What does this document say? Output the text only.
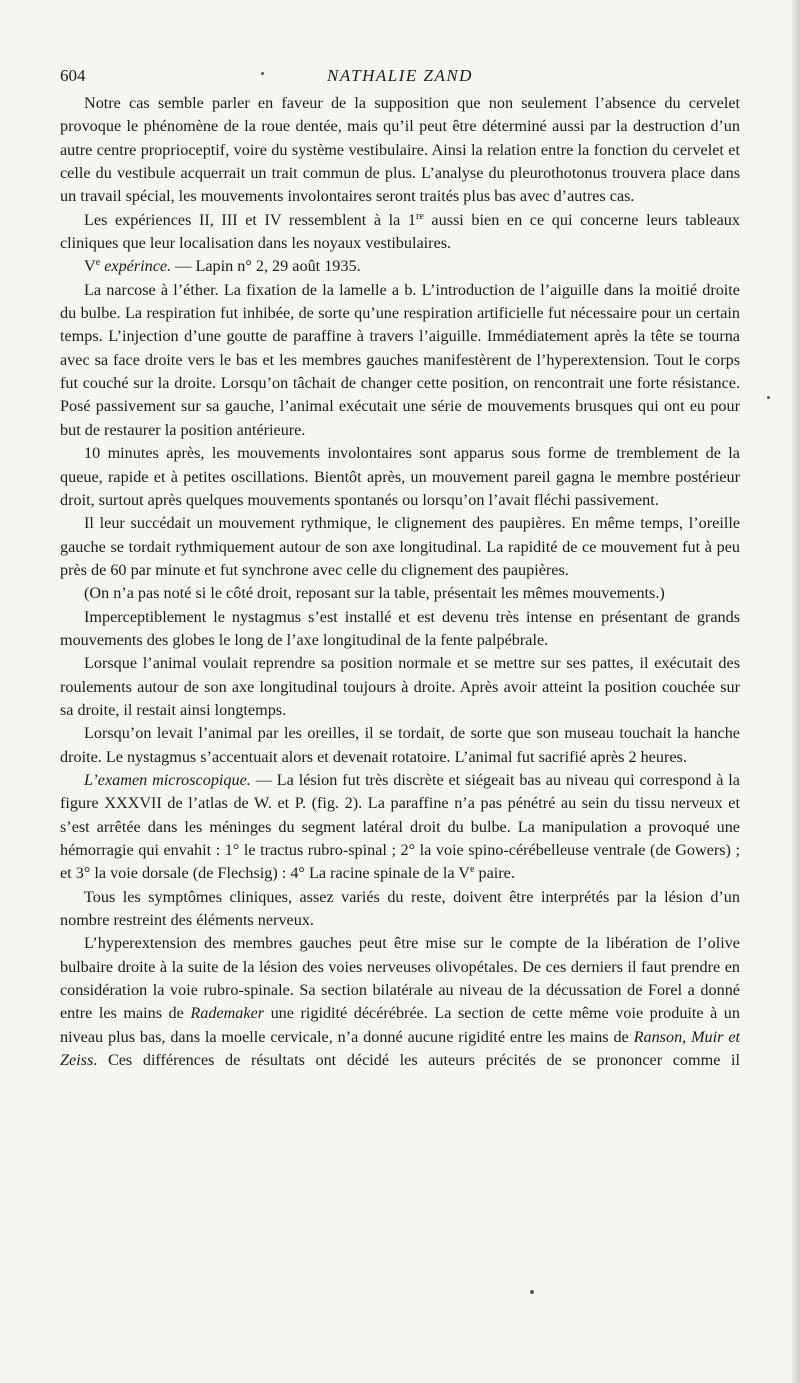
604	NATHALIE ZAND

Notre cas semble parler en faveur de la supposition que non seulement l’absence du cervelet provoque le phénomène de la roue dentée, mais qu’il peut être déterminé aussi par la destruction d’un autre centre proprioceptif, voire du système vestibulaire. Ainsi la relation entre la fonction du cervelet et celle du vestibule acquerrait un trait commun de plus. L’analyse du pleurothotonus trouvera place dans un travail spécial, les mouvements involontaires seront traités plus bas avec d’autres cas.

Les expériences II, III et IV ressemblent à la 1re aussi bien en ce qui concerne leurs tableaux cliniques que leur localisation dans les noyaux vestibulaires.

Ve expérince. — Lapin n° 2, 29 août 1935.

La narcose à l’éther. La fixation de la lamelle a b. L’introduction de l’aiguille dans la moitié droite du bulbe. La respiration fut inhibée, de sorte qu’une respiration artificielle fut nécessaire pour un certain temps. L’injection d’une goutte de paraffine à travers l’aiguille. Immédiatement après la tête se tourna avec sa face droite vers le bas et les membres gauches manifestèrent de l’hyperextension. Tout le corps fut couché sur la droite. Lorsqu’on tâchait de changer cette position, on rencontrait une forte résistance. Posé passivement sur sa gauche, l’animal exécutait une série de mouvements brusques qui ont eu pour but de restaurer la position antérieure.

10 minutes après, les mouvements involontaires sont apparus sous forme de tremblement de la queue, rapide et à petites oscillations. Bientôt après, un mouvement pareil gagna le membre postérieur droit, surtout après quelques mouvements spontanés ou lorsqu’on l’avait fléchi passivement.

Il leur succédait un mouvement rythmique, le clignement des paupières. En même temps, l’oreille gauche se tordait rythmiquement autour de son axe longitudinal. La rapidité de ce mouvement fut à peu près de 60 par minute et fut synchrone avec celle du clignement des paupières.

(On n’a pas noté si le côté droit, reposant sur la table, présentait les mêmes mouvements.)

Imperceptiblement le nystagmus s’est installé et est devenu très intense en présentant de grands mouvements des globes le long de l’axe longitudinal de la fente palpébrale.

Lorsque l’animal voulait reprendre sa position normale et se mettre sur ses pattes, il exécutait des roulements autour de son axe longitudinal toujours à droite. Après avoir atteint la position couchée sur sa droite, il restait ainsi longtemps.

Lorsqu’on levait l’animal par les oreilles, il se tordait, de sorte que son museau touchait la hanche droite. Le nystagmus s’accentuait alors et devenait rotatoire. L’animal fut sacrifié après 2 heures.

L’examen microscopique. — La lésion fut très discrète et siégeait bas au niveau qui correspond à la figure XXXVII de l’atlas de W. et P. (fig. 2). La paraffine n’a pas pénétré au sein du tissu nerveux et s’est arrêtée dans les méninges du segment latéral droit du bulbe. La manipulation a provoqué une hémorragie qui envahit : 1° le tractus rubro-spinal ; 2° la voie spino-cérébelleuse ventrale (de Gowers) ; et 3° la voie dorsale (de Flechsig) : 4° La racine spinale de la Ve paire.

Tous les symptômes cliniques, assez variés du reste, doivent être interprétés par la lésion d’un nombre restreint des éléments nerveux.

L’hyperextension des membres gauches peut être mise sur le compte de la libération de l’olive bulbaire droite à la suite de la lésion des voies nerveuses olivopétales. De ces derniers il faut prendre en considération la voie rubro-spinale. Sa section bilatérale au niveau de la décussation de Forel a donné entre les mains de Rademaker une rigidité décérébrée. La section de cette même voie produite à un niveau plus bas, dans la moelle cervicale, n’a donné aucune rigidité entre les mains de Ranson, Muir et Zeiss. Ces différences de résultats ont décidé les auteurs précités de se prononcer comme il
